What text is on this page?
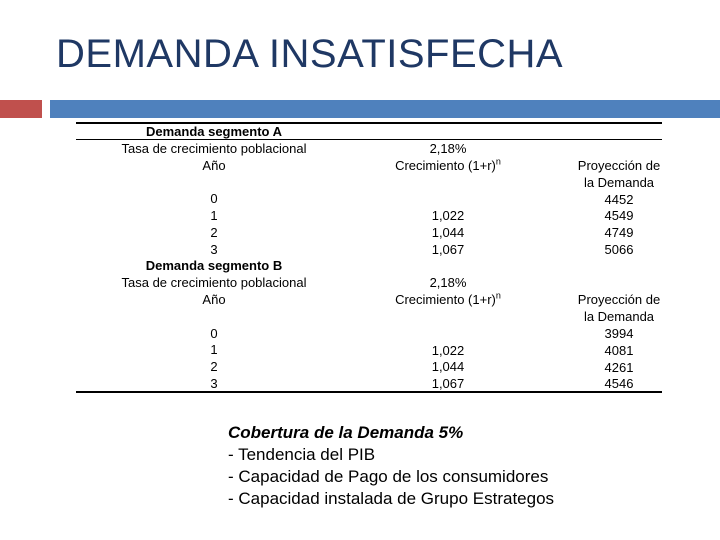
DEMANDA INSATISFECHA
Demanda segmento A
Tasa de crecimiento poblacional
Año

0
1
2
3
Demanda segmento B
Tasa de crecimiento poblacional
Año

0
1
2
3
2,18%
Crecimiento $(1+r)^n$

1,022
1,044
1,067

2,18%
Crecimiento $(1+r)^n$

1,022
1,044
1,067
Proyección de
la Demanda
4452
4549
4749
5066

Proyección de
la Demanda
3994
4081
4261
4546
Cobertura de la Demanda 5%
- Tendencia del PIB
- Capacidad de Pago de los consumidores
- Capacidad instalada de Grupo Estrategos
